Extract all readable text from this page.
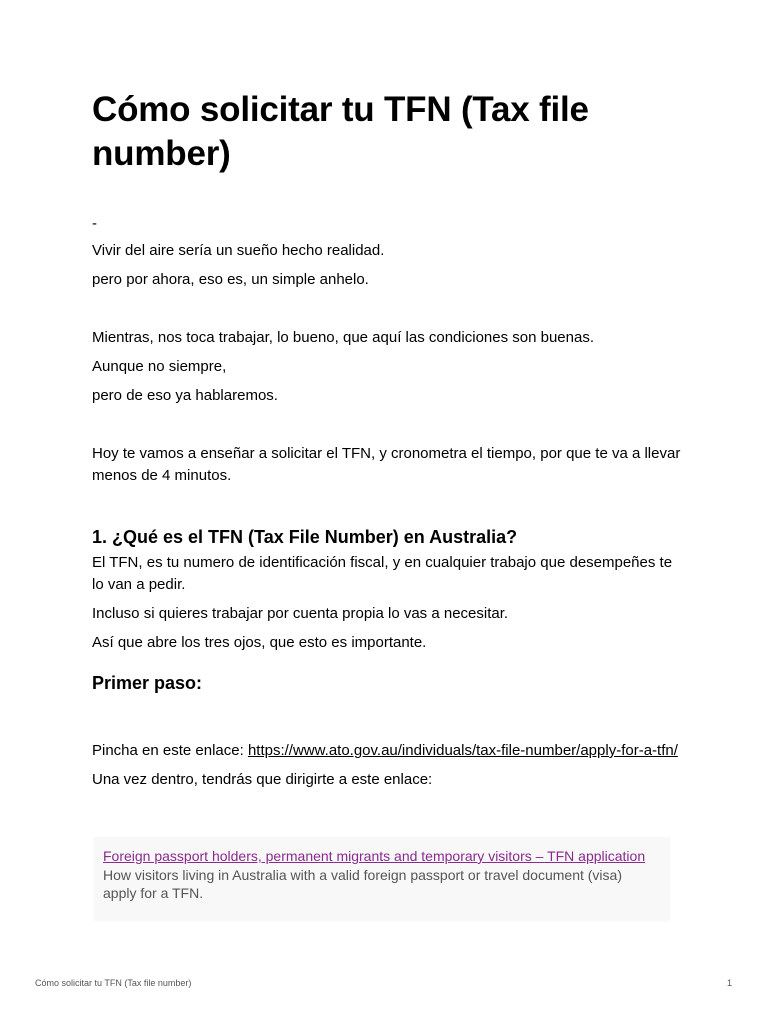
Cómo solicitar tu TFN (Tax file number)
-

Vivir del aire sería un sueño hecho realidad.

pero por ahora, eso es, un simple anhelo.

Mientras, nos toca trabajar, lo bueno, que aquí las condiciones son buenas.

Aunque no siempre,

pero de eso ya hablaremos.

Hoy te vamos a enseñar a solicitar el TFN, y cronometra el tiempo, por que te va a llevar menos de 4 minutos.

1. ¿Qué es el TFN (Tax File Number) en Australia?

El TFN, es tu numero de identificación fiscal, y en cualquier trabajo que desempeñes te lo van a pedir.

Incluso si quieres trabajar por cuenta propia lo vas a necesitar.

Así que abre los tres ojos, que esto es importante.

Primer paso:

Pincha en este enlace: https://www.ato.gov.au/individuals/tax-file-number/apply-for-a-tfn/

Una vez dentro, tendrás que dirigirte a este enlace:

Foreign passport holders, permanent migrants and temporary visitors – TFN application
How visitors living in Australia with a valid foreign passport or travel document (visa) apply for a TFN.
Cómo solicitar tu TFN (Tax file number)	1
